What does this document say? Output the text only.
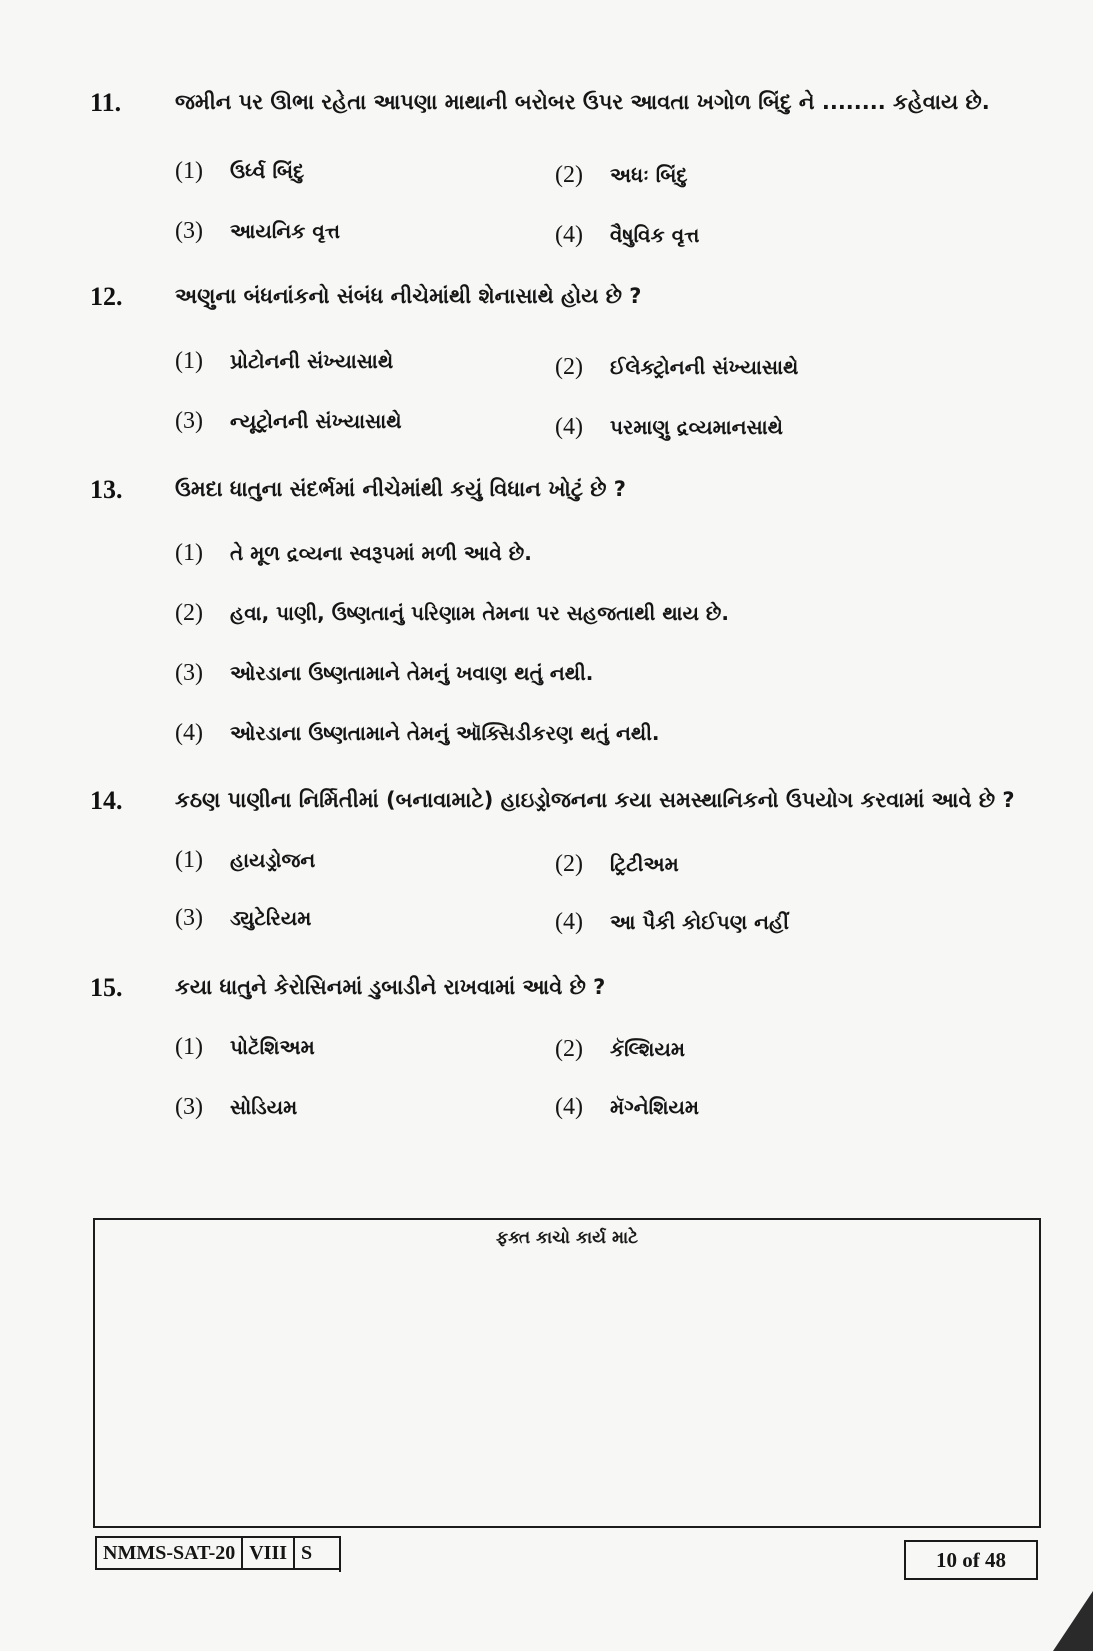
11.	જમીન પર ઊભા રહેતા આપણા માથાની બરોબર ઉપર આવતા ખગોળ બિંદુ ને ........ કહેવાય છે.
(1) ઉર્ધ્વ બિંદુ	(2) અધઃ બિંદુ
(3) આયનિક વૃત્ત	(4) વૈષુવિક વૃત્ત
12.	અણુના બંધનાંકનો સંબંધ નીચેમાંથી શેનાસાથે હોય છે ?
(1) પ્રોટોનની સંખ્યાસાથે	(2) ઈલેક્ટ્રોનની સંખ્યાસાથે
(3) ન્યૂટ્રોનની સંખ્યાસાથે	(4) પરમાણુ દ્રવ્યમાનસાથે
13.	ઉમદા ધાતુના સંદર્ભમાં નીચેમાંથી કયું વિધાન ખોટું છે ?
(1) તે મૂળ દ્રવ્યના સ્વરૂપમાં મળી આવે છે.
(2) હવા, પાણી, ઉષ્ણતાનું પરિણામ તેમના પર સહજતાથી થાય છે.
(3) ઓરડાના ઉષ્ણતામાને તેમનું ખવાણ થતું નથી.
(4) ઓરડાના ઉષ્ણતામાને તેમનું ઑક્સિડીકરણ થતું નથી.
14.	કઠણ પાણીના નિર્મિતીમાં (બનાવામાટે) હાઇડ્રોજનના કયા સમસ્થાનિકનો ઉપયોગ કરવામાં આવે છે ?
(1) હાયડ્રોજન	(2) ટ્રિટીઅમ
(3) ડ્યુટેરિયમ	(4) આ પૈકી કોઈપણ નહીં
15.	કયા ધાતુને કેરોસિનમાં ડુબાડીને રાખવામાં આવે છે ?
(1) પોટૅશિઅમ	(2) કૅલ્શિયમ
(3) સોડિયમ	(4) મૅગ્નેશિયમ
ફક્ત કાચો કાર્ય માટે
NMMS-SAT-20 VIII S	10 of 48
